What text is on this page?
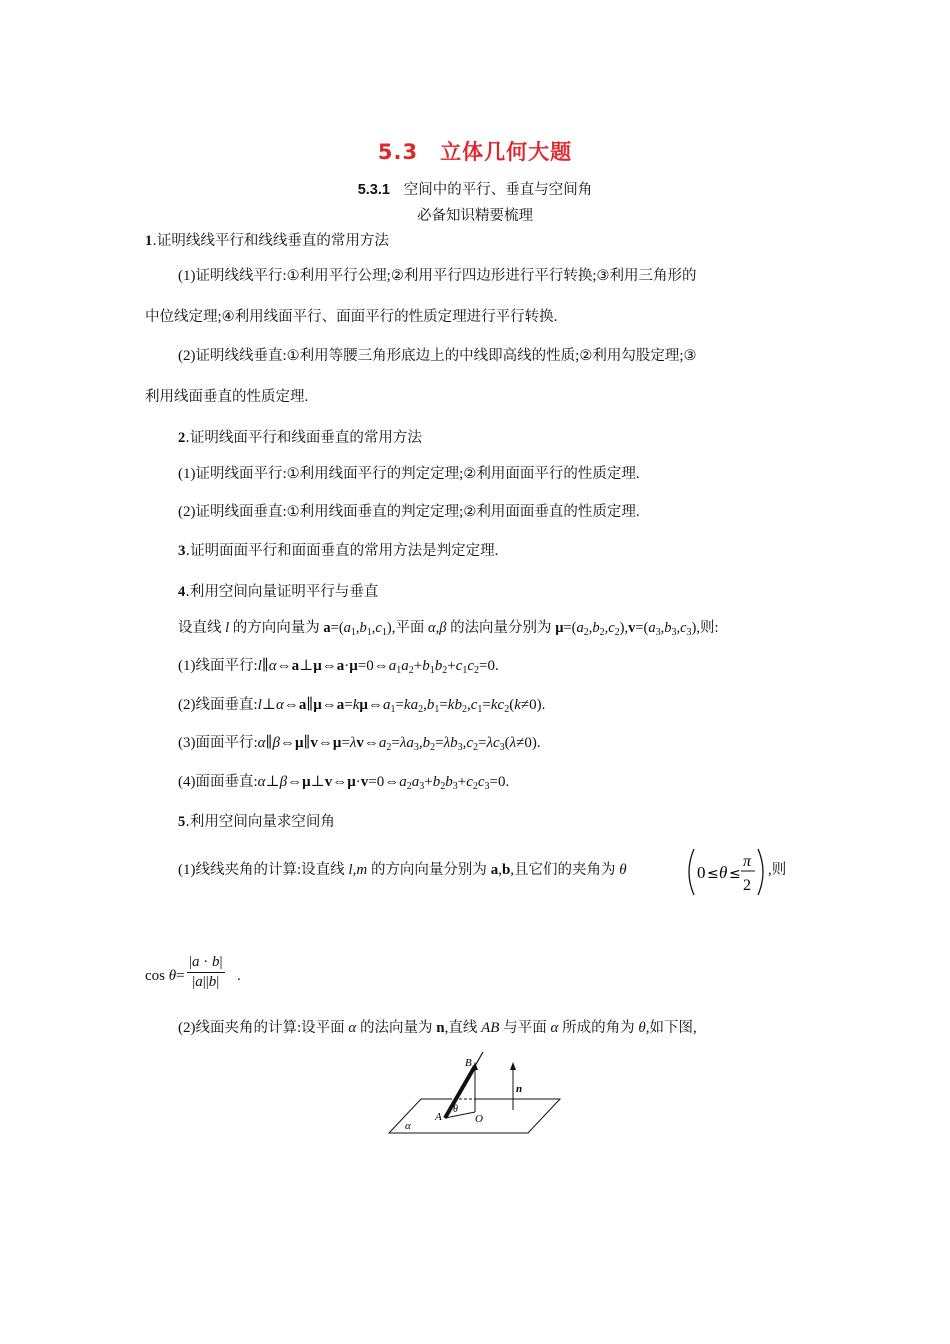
5.3　立体几何大题
5.3.1 空间中的平行、垂直与空间角
必备知识精要梳理
1.证明线线平行和线线垂直的常用方法
(1)证明线线平行:①利用平行公理;②利用平行四边形进行平行转换;③利用三角形的
中位线定理;④利用线面平行、面面平行的性质定理进行平行转换.
(2)证明线线垂直:①利用等腰三角形底边上的中线即高线的性质;②利用勾股定理;③
利用线面垂直的性质定理.
2.证明线面平行和线面垂直的常用方法
(1)证明线面平行:①利用线面平行的判定定理;②利用面面平行的性质定理.
(2)证明线面垂直:①利用线面垂直的判定定理;②利用面面垂直的性质定理.
3.证明面面平行和面面垂直的常用方法是判定定理.
4.利用空间向量证明平行与垂直
设直线 l 的方向向量为 $a=(a_1,b_1,c_1)$,平面 α,β 的法向量分别为 $\mu=(a_2,b_2,c_2),v=(a_3,b_3,c_3)$,则:
(1)线面平行$:l\parallel\alpha\Leftrightarrow a\perp\mu\Leftrightarrow a\cdot\mu=0\Leftrightarrow a_1a_2+b_1b_2+c_1c_2=0$.
(2)线面垂直$:l\perp\alpha\Leftrightarrow a\parallel\mu\Leftrightarrow a=k\mu\Leftrightarrow a_1=ka_2,b_1=kb_2,c_1=kc_2(k\ne 0)$.
(3)面面平行$:\alpha\parallel\beta\Leftrightarrow\mu\parallel v\Leftrightarrow\mu=\lambda v\Leftrightarrow a_2=\lambda a_3,b_2=\lambda b_3,c_2=\lambda c_3(\lambda\ne 0)$.
(4)面面垂直$:\alpha\perp\beta\Leftrightarrow\mu\perp v\Leftrightarrow\mu\cdot v=0\Leftrightarrow a_2a_3+b_2b_3+c_2c_3=0$.
5.利用空间向量求空间角
(1)线线夹角的计算:设直线 l,m 的方向向量分别为 a,b,且它们的夹角为 θ	0 ≤ θ ≤
π
2
,则
$\cos \theta= \frac{|a \cdot b|}{|a||b|}$ .
(2)线面夹角的计算:设平面 α 的法向量为 n,直线 AB 与平面 α 所成的角为 θ,如下图,
B
A	O
θ
n
α
